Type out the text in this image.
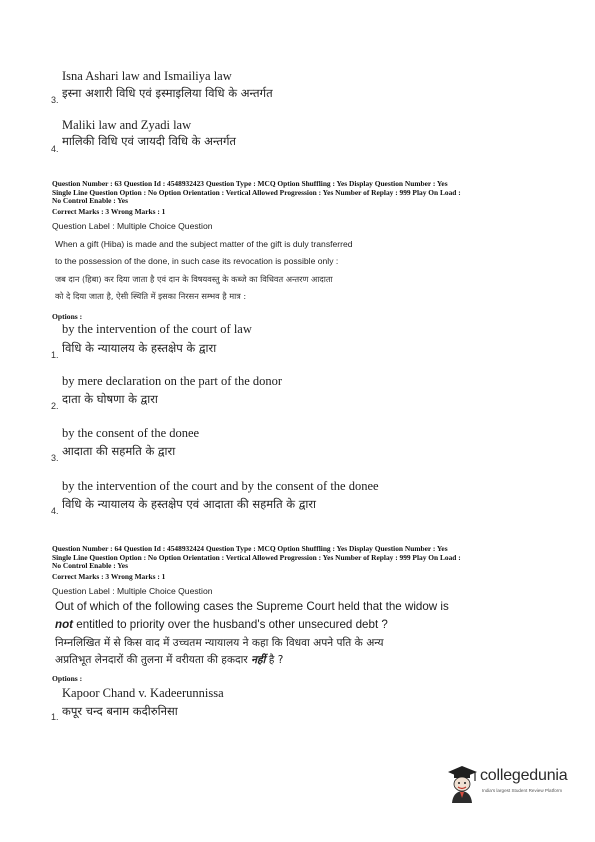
Isna Ashari law and Ismailiya law
3. इस्ना अशारी विधि एवं इस्माइलिया विधि के अन्तर्गत
Maliki law and Zyadi law
4.
मालिकी विधि एवं जायदी विधि के अन्तर्गत
Question Number : 63 Question Id : 4548932423 Question Type : MCQ Option Shuffling : Yes Display Question Number : Yes
Single Line Question Option : No Option Orientation : Vertical Allowed Progression : Yes Number of Replay : 999 Play On Load :
No Control Enable : Yes
Correct Marks : 3 Wrong Marks : 1
Question Label : Multiple Choice Question
When a gift (Hiba) is made and the subject matter of the gift is duly transferred
to the possession of the done, in such case its revocation is possible only :
जब दान (हिबा) कर दिया जाता है एवं दान के विषयवस्तु के कब्जे का विधिवत अन्तरण आदाता
को दे दिया जाता है, ऐसी स्थिति में इसका निरसन सम्भव है मात्र :
Options :
by the intervention of the court of law
1. विधि के न्यायालय के हस्तक्षेप के द्वारा
by mere declaration on the part of the donor
2. दाता के घोषणा के द्वारा
by the consent of the donee
3. आदाता की सहमति के द्वारा
by the intervention of the court and by the consent of the donee
4. विधि के न्यायालय के हस्तक्षेप एवं आदाता की सहमति के द्वारा
Question Number : 64 Question Id : 4548932424 Question Type : MCQ Option Shuffling : Yes Display Question Number : Yes
Single Line Question Option : No Option Orientation : Vertical Allowed Progression : Yes Number of Replay : 999 Play On Load :
No Control Enable : Yes
Correct Marks : 3 Wrong Marks : 1
Question Label : Multiple Choice Question
Out of which of the following cases the Supreme Court held that the widow is
not entitled to priority over the husband's other unsecured debt ?
निम्नलिखित में से किस वाद में उच्चतम न्यायालय ने कहा कि विधवा अपने पति के अन्य
अप्रतिभूत लेनदारों की तुलना में वरीयता की हकदार नहीं है ?
Options :
Kapoor Chand v. Kadeerunnissa
1. कपूर चन्द बनाम कदीरुनिसा
collegedunia
India's largest Student Review Platform
